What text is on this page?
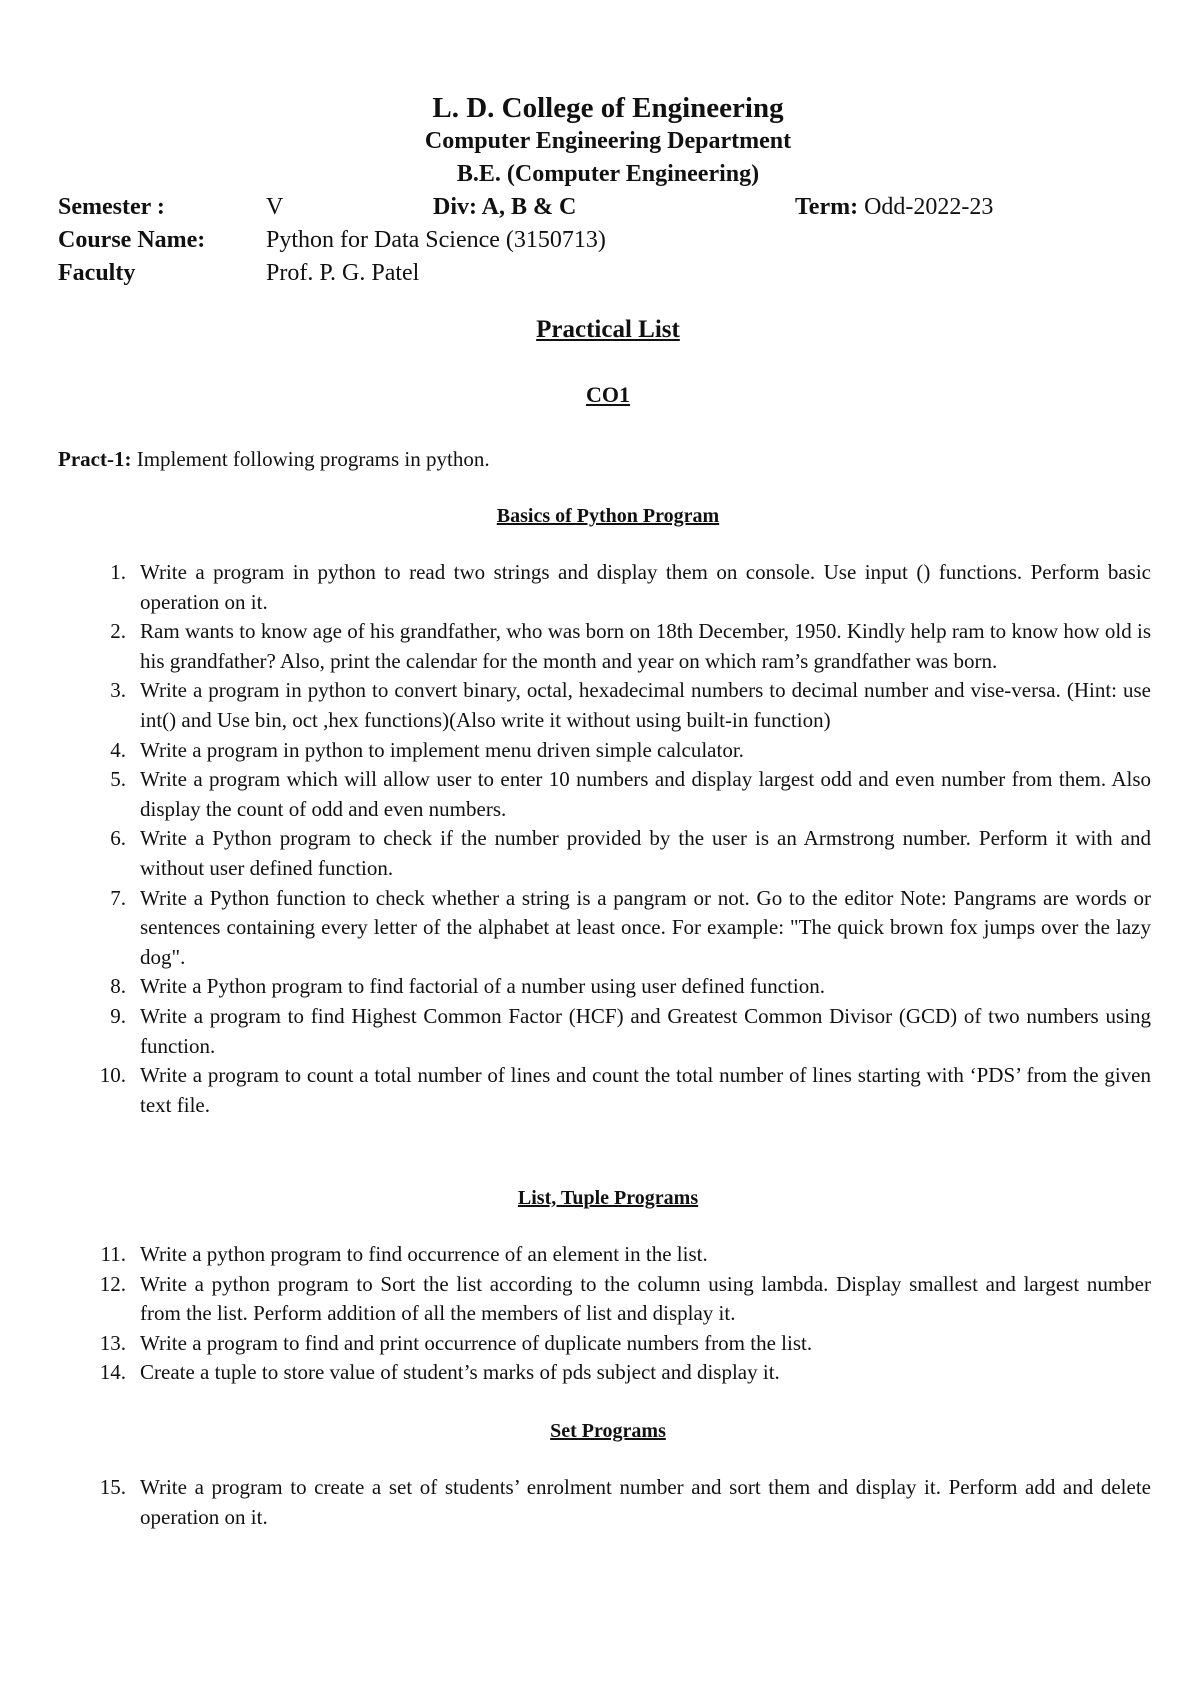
L. D. College of Engineering
Computer Engineering Department
B.E. (Computer Engineering)
Semester :	V	Div: A, B & C	Term: Odd-2022-23
Course Name:	Python for Data Science (3150713)
Faculty	Prof. P. G. Patel
Practical List
CO1
Pract-1: Implement following programs in python.
Basics of Python Program
1. Write a program in python to read two strings and display them on console. Use input () functions. Perform basic operation on it.
2. Ram wants to know age of his grandfather, who was born on 18th December, 1950. Kindly help ram to know how old is his grandfather? Also, print the calendar for the month and year on which ram’s grandfather was born.
3. Write a program in python to convert binary, octal, hexadecimal numbers to decimal number and vise-versa. (Hint: use int() and Use bin, oct ,hex functions)(Also write it without using built-in function)
4. Write a program in python to implement menu driven simple calculator.
5. Write a program which will allow user to enter 10 numbers and display largest odd and even number from them. Also display the count of odd and even numbers.
6. Write a Python program to check if the number provided by the user is an Armstrong number. Perform it with and without user defined function.
7. Write a Python function to check whether a string is a pangram or not. Go to the editor Note: Pangrams are words or sentences containing every letter of the alphabet at least once. For example: "The quick brown fox jumps over the lazy dog".
8. Write a Python program to find factorial of a number using user defined function.
9. Write a program to find Highest Common Factor (HCF) and Greatest Common Divisor (GCD) of two numbers using function.
10. Write a program to count a total number of lines and count the total number of lines starting with ‘PDS’ from the given text file.
List, Tuple Programs
11. Write a python program to find occurrence of an element in the list.
12. Write a python program to Sort the list according to the column using lambda. Display smallest and largest number from the list. Perform addition of all the members of list and display it.
13. Write a program to find and print occurrence of duplicate numbers from the list.
14. Create a tuple to store value of student’s marks of pds subject and display it.
Set Programs
15. Write a program to create a set of students’ enrolment number and sort them and display it. Perform add and delete operation on it.
